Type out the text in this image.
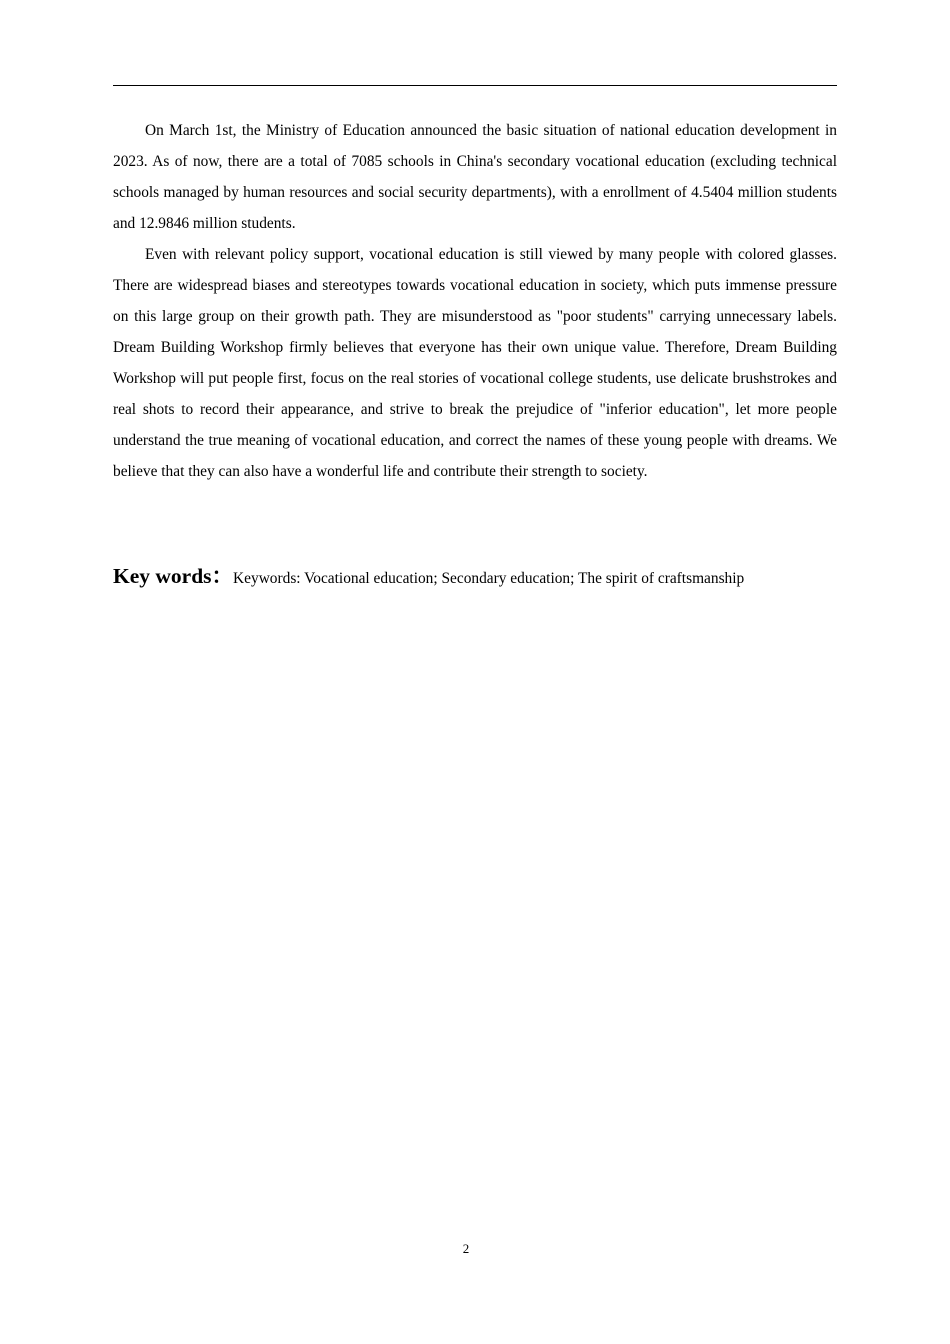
On March 1st, the Ministry of Education announced the basic situation of national education development in 2023. As of now, there are a total of 7085 schools in China's secondary vocational education (excluding technical schools managed by human resources and social security departments), with a enrollment of 4.5404 million students and 12.9846 million students.

Even with relevant policy support, vocational education is still viewed by many people with colored glasses. There are widespread biases and stereotypes towards vocational education in society, which puts immense pressure on this large group on their growth path. They are misunderstood as "poor students" carrying unnecessary labels. Dream Building Workshop firmly believes that everyone has their own unique value. Therefore, Dream Building Workshop will put people first, focus on the real stories of vocational college students, use delicate brushstrokes and real shots to record their appearance, and strive to break the prejudice of "inferior education", let more people understand the true meaning of vocational education, and correct the names of these young people with dreams. We believe that they can also have a wonderful life and contribute their strength to society.

Key words：Keywords: Vocational education; Secondary education; The spirit of craftsmanship
2
